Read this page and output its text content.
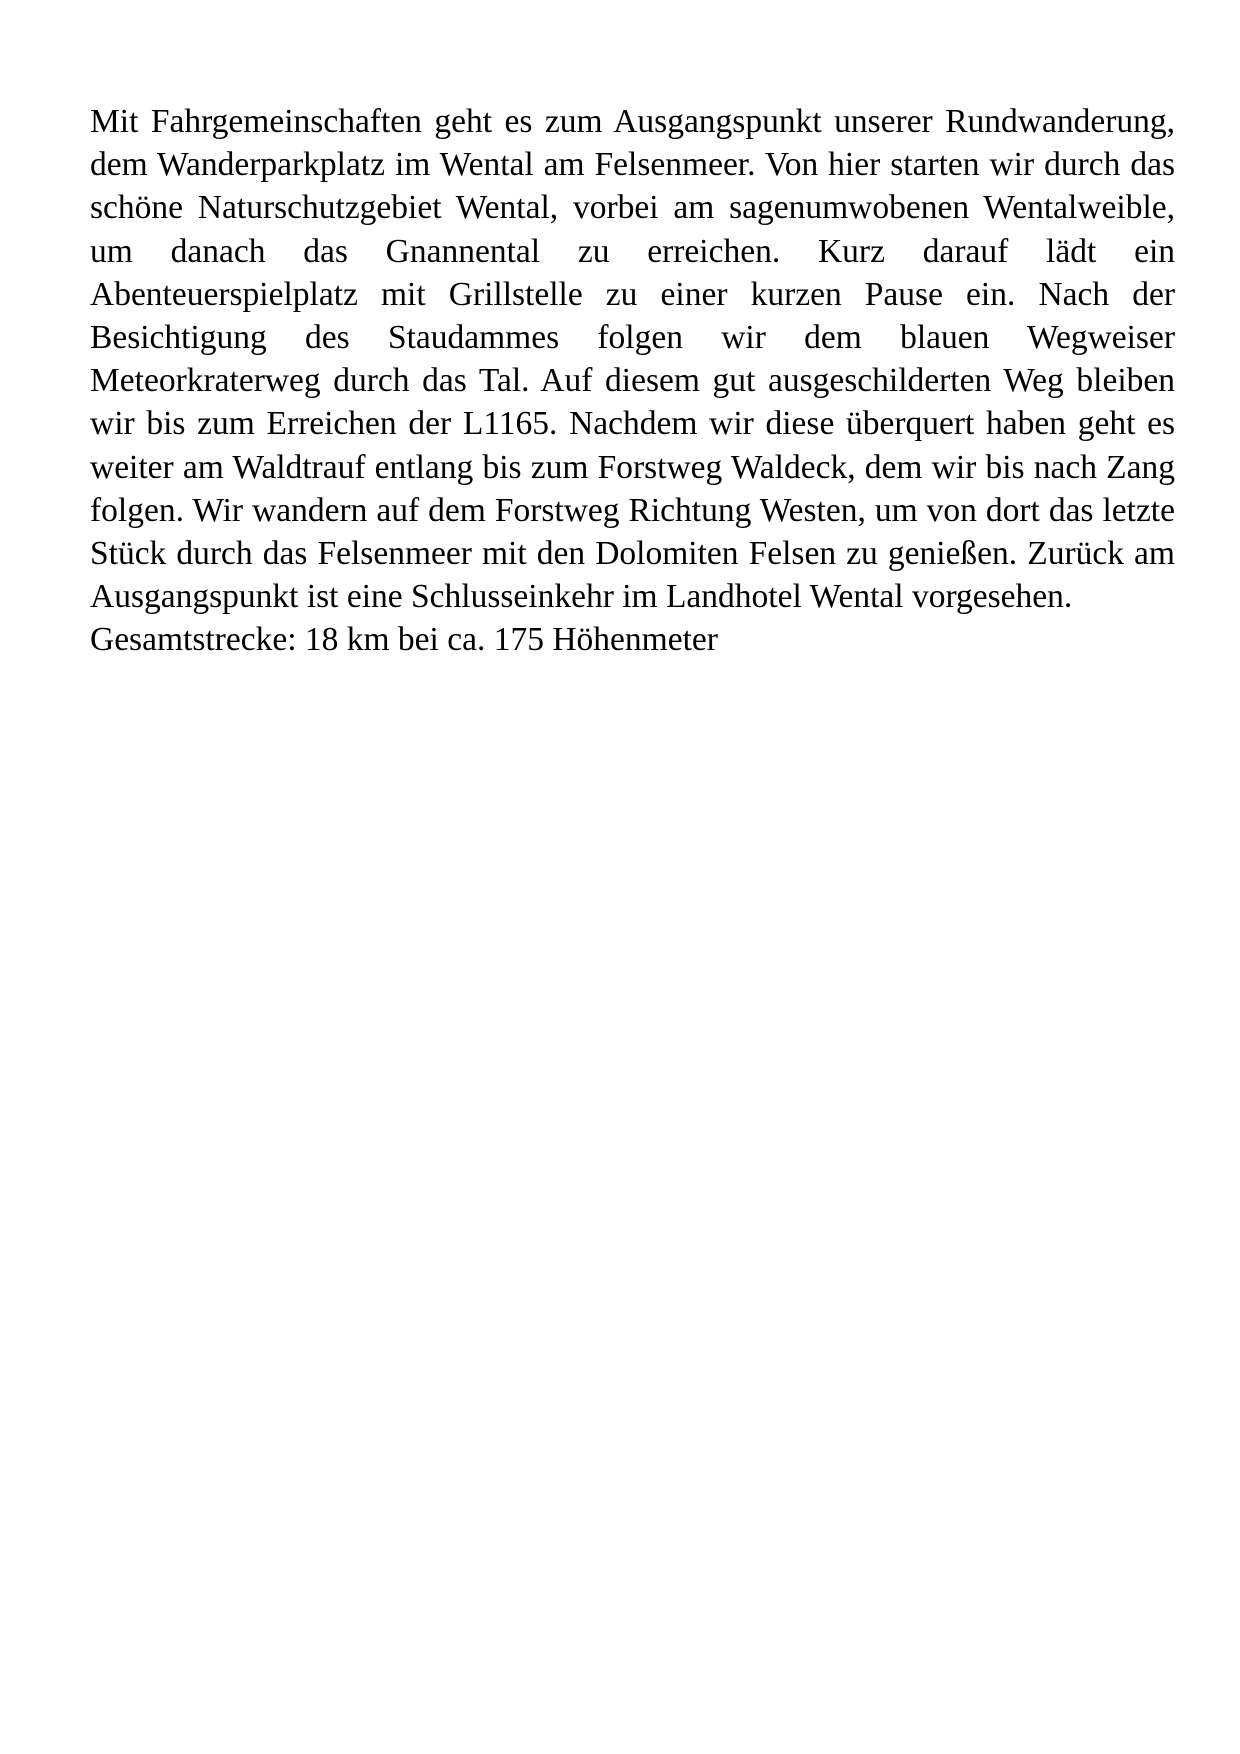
Mit Fahrgemeinschaften geht es zum Ausgangspunkt unserer Rundwanderung, dem Wanderparkplatz im Wental am Felsenmeer. Von hier starten wir durch das schöne Naturschutzgebiet Wental, vorbei am sagenumwobenen Wentalweible, um danach das Gnannental zu erreichen. Kurz darauf lädt ein Abenteuerspielplatz mit Grillstelle zu einer kurzen Pause ein. Nach der Besichtigung des Staudammes folgen wir dem blauen Wegweiser Meteorkraterweg durch das Tal. Auf diesem gut ausgeschilderten Weg bleiben wir bis zum Erreichen der L1165. Nachdem wir diese überquert haben geht es weiter am Waldtrauf entlang bis zum Forstweg Waldeck, dem wir bis nach Zang folgen. Wir wandern auf dem Forstweg Richtung Westen, um von dort das letzte Stück durch das Felsenmeer mit den Dolomiten Felsen zu genießen. Zurück am Ausgangspunkt ist eine Schlusseinkehr im Landhotel Wental vorgesehen.

Gesamtstrecke: 18 km bei ca. 175 Höhenmeter
